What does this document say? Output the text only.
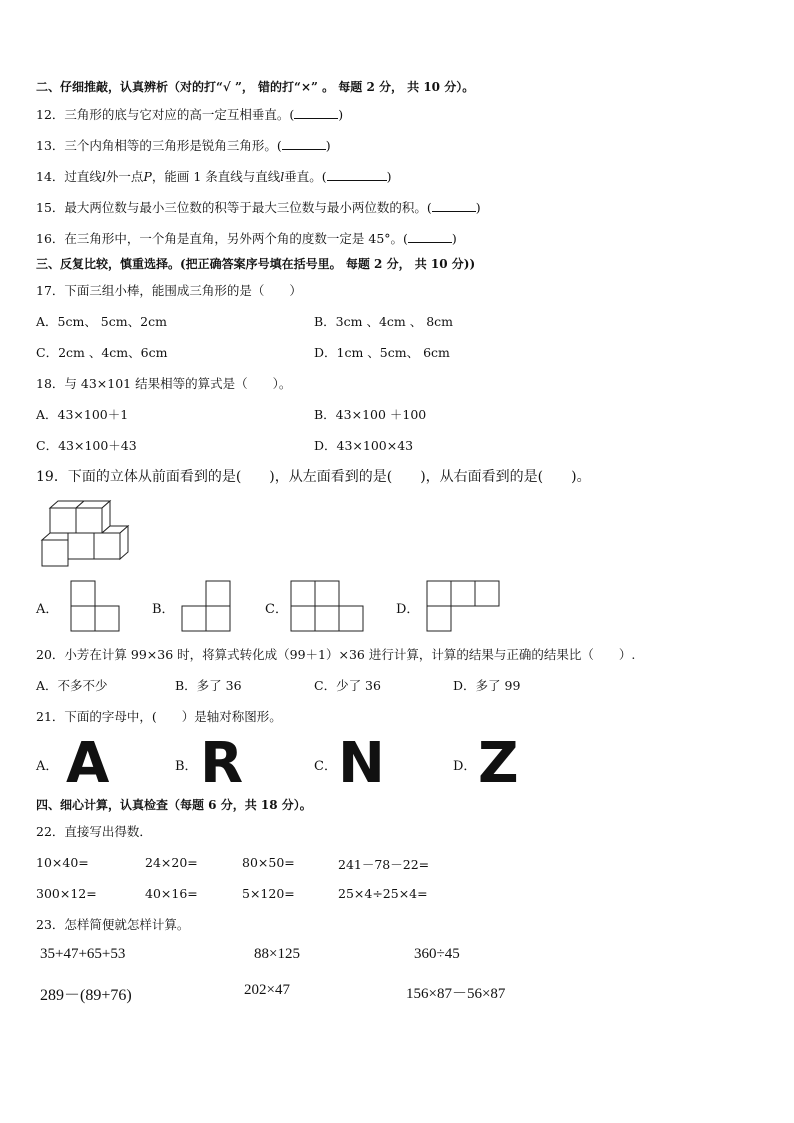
二、仔细推敲，认真辨析（对的打“√ ”， 错的打“×” 。 每题 2 分， 共 10 分）。
12．三角形的底与它对应的高一定互相垂直。(	)
13．三个内角相等的三角形是锐角三角形。(	)
14．过直线l外一点P，能画 1 条直线与直线l垂直。(	)
15．最大两位数与最小三位数的积等于最大三位数与最小两位数的积。(	)
16．在三角形中，一个角是直角，另外两个角的度数一定是 45°。(	)
三、反复比较，慎重选择。(把正确答案序号填在括号里。 每题 2 分， 共 10 分))
17．下面三组小棒，能围成三角形的是（　　）
A．5cm、 5cm、2cm	B．3cm 、4cm 、 8cm
C．2cm 、4cm、6cm	D．1cm 、5cm、 6cm
18．与 43×101 结果相等的算式是（　　）。
A．43×100＋1	B．43×100 ＋100
C．43×100＋43	D．43×100×43
19．下面的立体从前面看到的是(　　)，从左面看到的是(　　)，从右面看到的是(　　)。
A．	B．	C．	D．
20．小芳在计算 99×36 时，将算式转化成（99＋1）×36 进行计算，计算的结果与正确的结果比（　　）.
A．不多不少	B．多了 36	C．少了 36	D．多了 99
21．下面的字母中，(　　）是轴对称图形。
A． A	B． R	C． N	D． Z
四、细心计算，认真检查（每题 6 分，共 18 分）。
22．直接写出得数．
10×40=	24×20=	80×50=	241－78－22=
300×12=	40×16=	5×120=	25×4÷25×4=
23．怎样简便就怎样计算。
35+47+65+53	88×125	360÷45
289－(89+76)	202×47	156×87－56×87
